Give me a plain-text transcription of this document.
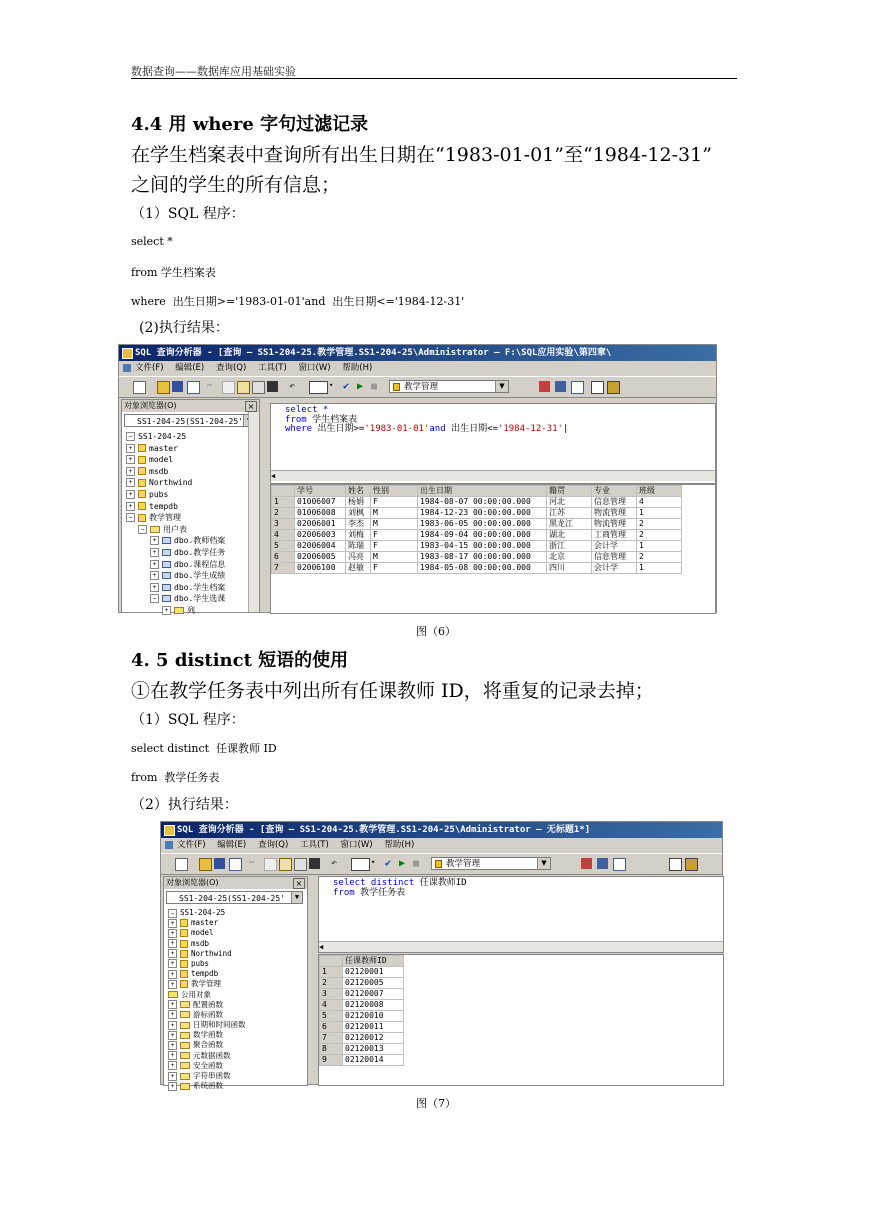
数据查询——数据库应用基础实验
4.4 用 where 字句过滤记录
在学生档案表中查询所有出生日期在“1983-01-01”至“1984-12-31”
之间的学生的所有信息；
（1）SQL 程序：
select *
from 学生档案表
where  出生日期>='1983-01-01'and  出生日期<='1984-12-31'
(2)执行结果：
SQL 查询分析器 - [查询 — SS1-204-25.教学管理.SS1-204-25\Administrator — F:\SQL应用实验\第四章\
文件(F) 编辑(E) 查询(Q) 工具(T) 窗口(W) 帮助(H)
✂	↶	▾ ✔ ▶ ■	教学管理	▼
对象浏览器(O)	×
SS1-204-25(SS1-204-25'
− SS1-204-25
+ master
+ model
+ msdb
+ Northwind
+ pubs
+ tempdb
− 教学管理
− 用户表
+ dbo.教师档案
+ dbo.教学任务
+ dbo.课程信息
+ dbo.学生成绩
+ dbo.学生档案
− dbo.学生选课
+ 列
select *
from 学生档案表
where 出生日期>='1983-01-01'and 出生日期<='1984-12-31'|
◀
	学号	姓名	性别	出生日期	籍贯	专业	班级
1	01006007	杨娟	F	1984-08-07 00:00:00.000	河北	信息管理	4
2	01006008	刘枫	M	1984-12-23 00:00:00.000	江苏	物流管理	1
3	02006001	李杰	M	1983-06-05 00:00:00.000	黑龙江	物流管理	2
4	02006003	刘梅	F	1984-09-04 00:00:00.000	湖北	工商管理	2
5	02006004	陈瑞	F	1983-04-15 00:00:00.000	浙江	会计学	1
6	02006005	冯亮	M	1983-08-17 00:00:00.000	北京	信息管理	2
7	02006100	赵敏	F	1984-05-08 00:00:00.000	四川	会计学	1
图（6）
4. 5 distinct 短语的使用
①在教学任务表中列出所有任课教师 ID，将重复的记录去掉；
（1）SQL 程序：
select distinct  任课教师 ID
from  教学任务表
（2）执行结果：
SQL 查询分析器 - [查询 — SS1-204-25.教学管理.SS1-204-25\Administrator — 无标题1*]
文件(F) 编辑(E) 查询(Q) 工具(T) 窗口(W) 帮助(H)
✂	↶	▾ ✔ ▶ ■	教学管理	▼
对象浏览器(O)	×
SS1-204-25(SS1-204-25'	▼
− SS1-204-25
+ master
+ model
+ msdb
+ Northwind
+ pubs
+ tempdb
+ 教学管理
公用对象
+ 配置函数
+ 游标函数
+ 日期和时间函数
+ 数学函数
+ 聚合函数
+ 元数据函数
+ 安全函数
+ 字符串函数
+ 系统函数
select distinct 任课教师ID
from 教学任务表
◀
	任课教师ID
1	02120001
2	02120005
3	02120007
4	02120008
5	02120010
6	02120011
7	02120012
8	02120013
9	02120014
图（7）
